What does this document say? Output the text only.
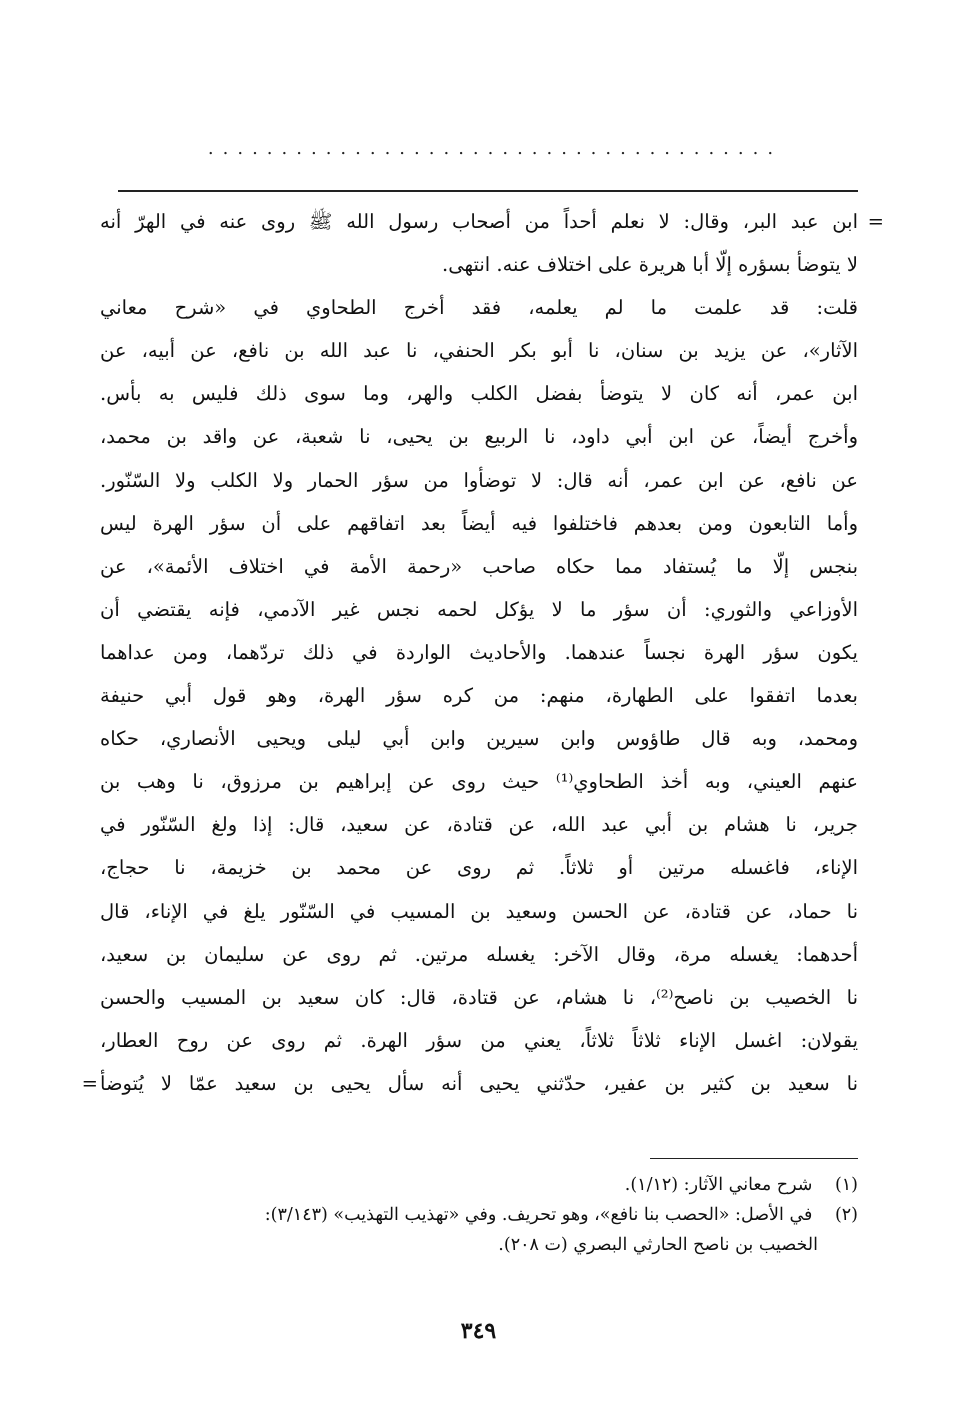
.......................................
=
ابن عبد البر، وقال: لا نعلم أحداً من أصحاب رسول الله ﷺ روى عنه في الهرّ أنه
لا يتوضأ بسؤره إلّا أبا هريرة على اختلاف عنه. انتهى.
قلت: قد علمت ما لم يعلمه، فقد أخرج الطحاوي في «شرح معاني
الآثار»، عن يزيد بن سنان، نا أبو بكر الحنفي، نا عبد الله بن نافع، عن أبيه، عن
ابن عمر، أنه كان لا يتوضأ بفضل الكلب والهر، وما سوى ذلك فليس به بأس.
وأخرج أيضاً، عن ابن أبي داود، نا الربيع بن يحيى، نا شعبة، عن واقد بن محمد،
عن نافع، عن ابن عمر، أنه قال: لا توضأوا من سؤر الحمار ولا الكلب ولا السّنّور.
وأما التابعون ومن بعدهم فاختلفوا فيه أيضاً بعد اتفاقهم على أن سؤر الهرة ليس
بنجس إلّا ما يُستفاد مما حكاه صاحب «رحمة الأمة في اختلاف الأئمة»، عن
الأوزاعي والثوري: أن سؤر ما لا يؤكل لحمه نجس غير الآدمي، فإنه يقتضي أن
يكون سؤر الهرة نجساً عندهما. والأحاديث الواردة في ذلك تردّهما، ومن عداهما
بعدما اتفقوا على الطهارة، منهم: من كره سؤر الهرة، وهو قول أبي حنيفة
ومحمد، وبه قال طاؤوس وابن سيرين وابن أبي ليلى ويحيى الأنصاري، حكاه
عنهم العيني، وبه أخذ الطحاوي⁽¹⁾ حيث روى عن إبراهيم بن مرزوق، نا وهب بن
جرير، نا هشام بن أبي عبد الله، عن قتادة، عن سعيد، قال: إذا ولغ السّنّور في
الإناء، فاغسله مرتين أو ثلاثاً. ثم روى عن محمد بن خزيمة، نا حجاج،
نا حماد، عن قتادة، عن الحسن وسعيد بن المسيب في السّنّور يلغ في الإناء، قال
أحدهما: يغسله مرة، وقال الآخر: يغسله مرتين. ثم روى عن سليمان بن سعيد،
نا الخصيب بن ناصح⁽²⁾، نا هشام، عن قتادة، قال: كان سعيد بن المسيب والحسن
يقولان: اغسل الإناء ثلاثاً ثلاثاً، يعني من سؤر الهرة. ثم روى عن روح العطار،
نا سعيد بن كثير بن عفير، حدّثني يحيى أنه سأل يحيى بن سعيد عمّا لا يُتوضأ
=
(١) شرح معاني الآثار: (١/١٢).
(٢) في الأصل: «الحصب بنا نافع»، وهو تحريف. وفي «تهذيب التهذيب» (٣/١٤٣):
الخصيب بن ناصح الحارثي البصري (ت ٢٠٨).
٣٤٩
